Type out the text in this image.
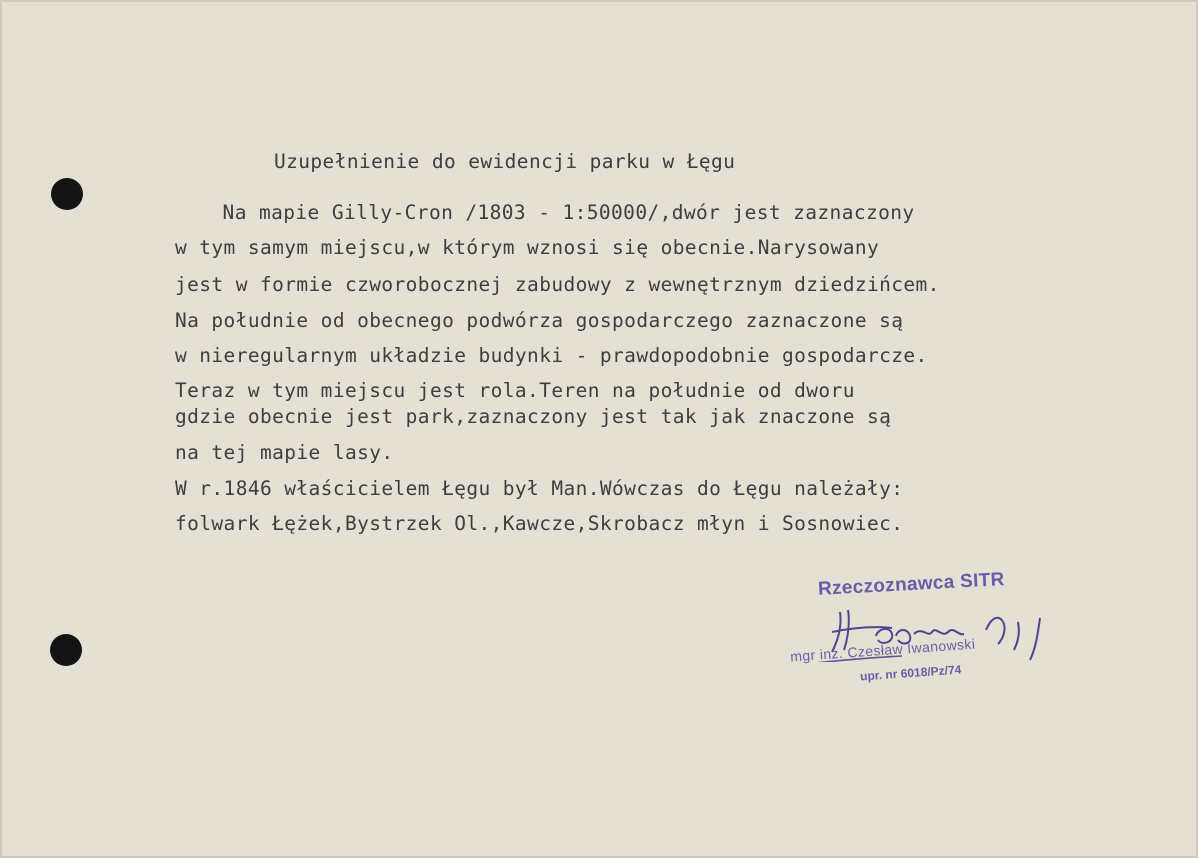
Uzupełnienie do ewidencji parku w Łęgu
Na mapie Gilly-Cron /1803 - 1:50000/,dwór jest zaznaczony
w tym samym miejscu,w którym wznosi się obecnie.Narysowany
jest w formie czworobocznej zabudowy z wewnętrznym dziedzińcem.
Na południe od obecnego podwórza gospodarczego zaznaczone są
w nieregularnym układzie budynki - prawdopodobnie gospodarcze.
Teraz w tym miejscu jest rola.Teren na południe od dworu
gdzie obecnie jest park,zaznaczony jest tak jak znaczone są
na tej mapie lasy.
W r.1846 właścicielem Łęgu był Man.Wówczas do Łęgu należały:
folwark Łężek,Bystrzek Ol.,Kawcze,Skrobacz młyn i Sosnowiec.
Rzeczoznawca SITR
mgr inż. Czesław Iwanowski
upr. nr 6018/Pz/74
